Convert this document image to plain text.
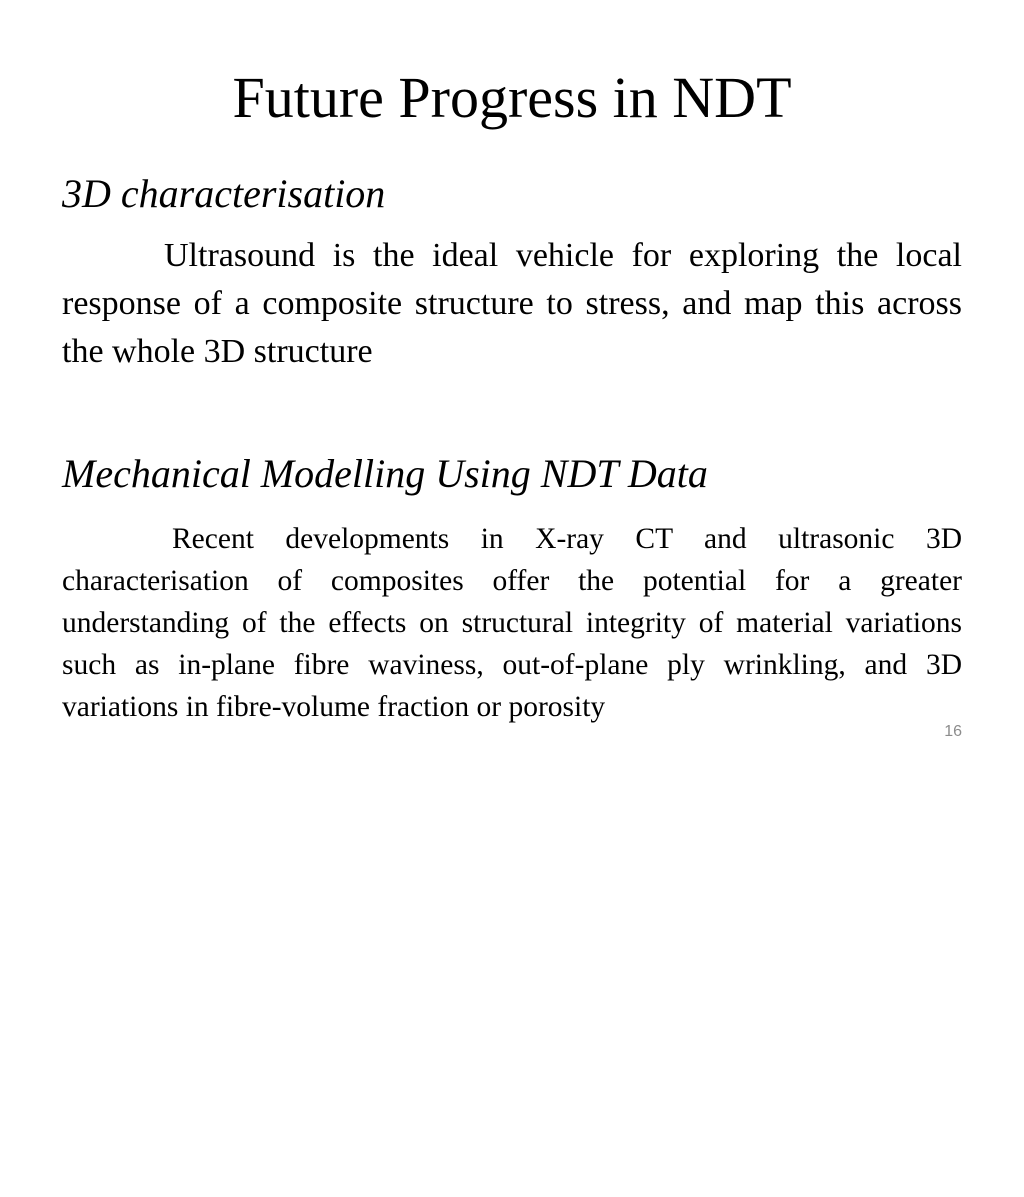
Future Progress in NDT
3D characterisation

Ultrasound is the ideal vehicle for exploring the local response of a composite structure to stress, and map this across the whole 3D structure

Mechanical Modelling Using NDT Data

Recent developments in X-ray CT and ultrasonic 3D characterisation of composites offer the potential for a greater understanding of the effects on structural integrity of material variations such as in-plane fibre waviness, out-of-plane ply wrinkling, and 3D variations in fibre-volume fraction or porosity

16
